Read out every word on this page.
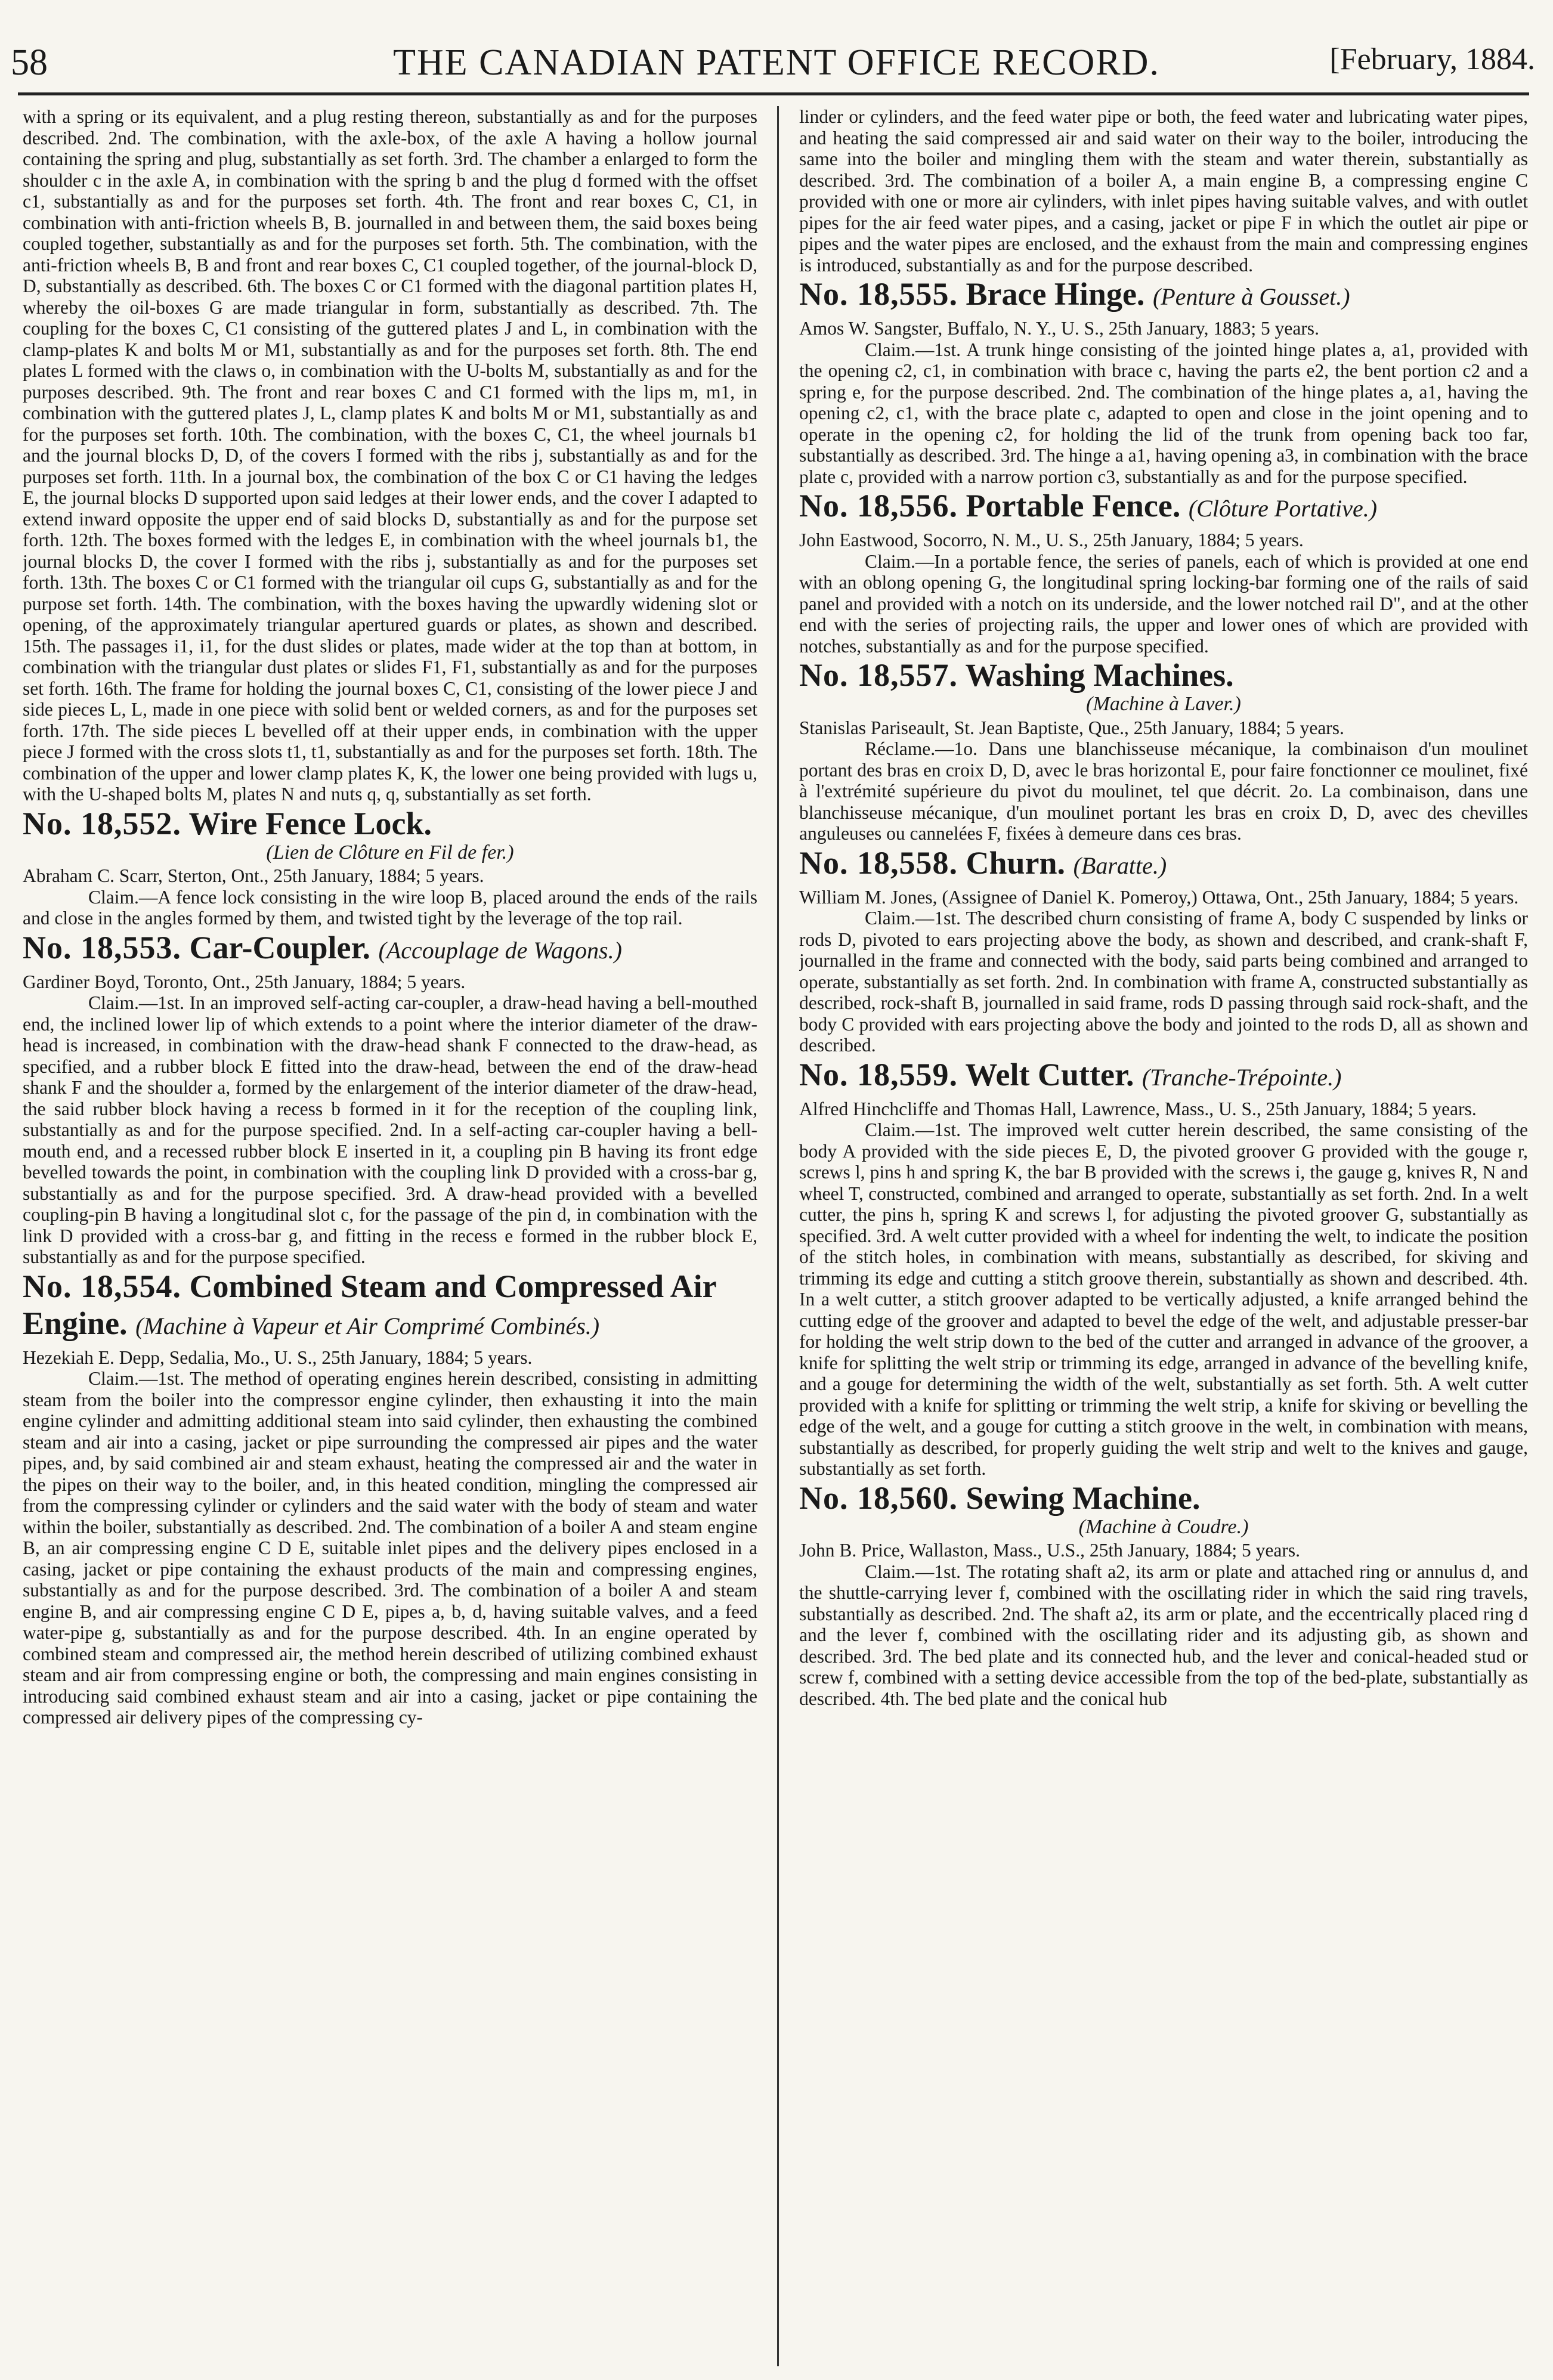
58	THE CANADIAN PATENT OFFICE RECORD.	[February, 1884.

with a spring or its equivalent, and a plug resting thereon, substantially as and for the purposes described. 2nd. The combination, with the axle-box, of the axle A having a hollow journal containing the spring and plug, substantially as set forth. 3rd. The chamber a enlarged to form the shoulder c in the axle A, in combination with the spring b and the plug d formed with the offset c1, substantially as and for the purposes set forth. 4th. The front and rear boxes C, C1, in combination with anti-friction wheels B, B. journalled in and between them, the said boxes being coupled together, substantially as and for the purposes set forth. 5th. The combination, with the anti-friction wheels B, B and front and rear boxes C, C1 coupled together, of the journal-block D, D, substantially as described. 6th. The boxes C or C1 formed with the diagonal partition plates H, whereby the oil-boxes G are made triangular in form, substantially as described. 7th. The coupling for the boxes C, C1 consisting of the guttered plates J and L, in combination with the clamp-plates K and bolts M or M1, substantially as and for the purposes set forth. 8th. The end plates L formed with the claws o, in combination with the U-bolts M, substantially as and for the purposes described. 9th. The front and rear boxes C and C1 formed with the lips m, m1, in combination with the guttered plates J, L, clamp plates K and bolts M or M1, substantially as and for the purposes set forth. 10th. The combination, with the boxes C, C1, the wheel journals b1 and the journal blocks D, D, of the covers I formed with the ribs j, substantially as and for the purposes set forth. 11th. In a journal box, the combination of the box C or C1 having the ledges E, the journal blocks D supported upon said ledges at their lower ends, and the cover I adapted to extend inward opposite the upper end of said blocks D, substantially as and for the purpose set forth. 12th. The boxes formed with the ledges E, in combination with the wheel journals b1, the journal blocks D, the cover I formed with the ribs j, substantially as and for the purposes set forth. 13th. The boxes C or C1 formed with the triangular oil cups G, substantially as and for the purpose set forth. 14th. The combination, with the boxes having the upwardly widening slot or opening, of the approximately triangular apertured guards or plates, as shown and described. 15th. The passages i1, i1, for the dust slides or plates, made wider at the top than at bottom, in combination with the triangular dust plates or slides F1, F1, substantially as and for the purposes set forth. 16th. The frame for holding the journal boxes C, C1, consisting of the lower piece J and side pieces L, L, made in one piece with solid bent or welded corners, as and for the purposes set forth. 17th. The side pieces L bevelled off at their upper ends, in combination with the upper piece J formed with the cross slots t1, t1, substantially as and for the purposes set forth. 18th. The combination of the upper and lower clamp plates K, K, the lower one being provided with lugs u, with the U-shaped bolts M, plates N and nuts q, q, substantially as set forth.

No. 18,552. Wire Fence Lock.

(Lien de Clôture en Fil de fer.)

Abraham C. Scarr, Sterton, Ont., 25th January, 1884; 5 years.

Claim.—A fence lock consisting in the wire loop B, placed around the ends of the rails and close in the angles formed by them, and twisted tight by the leverage of the top rail.

No. 18,553. Car-Coupler. (Accouplage de Wagons.)

Gardiner Boyd, Toronto, Ont., 25th January, 1884; 5 years.

Claim.—1st. In an improved self-acting car-coupler, a draw-head having a bell-mouthed end, the inclined lower lip of which extends to a point where the interior diameter of the draw-head is increased, in combination with the draw-head shank F connected to the draw-head, as specified, and a rubber block E fitted into the draw-head, between the end of the draw-head shank F and the shoulder a, formed by the enlargement of the interior diameter of the draw-head, the said rubber block having a recess b formed in it for the reception of the coupling link, substantially as and for the purpose specified. 2nd. In a self-acting car-coupler having a bell-mouth end, and a recessed rubber block E inserted in it, a coupling pin B having its front edge bevelled towards the point, in combination with the coupling link D provided with a cross-bar g, substantially as and for the purpose specified. 3rd. A draw-head provided with a bevelled coupling-pin B having a longitudinal slot c, for the passage of the pin d, in combination with the link D provided with a cross-bar g, and fitting in the recess e formed in the rubber block E, substantially as and for the purpose specified.

No. 18,554. Combined Steam and Compressed Air Engine. (Machine à Vapeur et Air Comprimé Combinés.)

Hezekiah E. Depp, Sedalia, Mo., U. S., 25th January, 1884; 5 years.

Claim.—1st. The method of operating engines herein described, consisting in admitting steam from the boiler into the compressor engine cylinder, then exhausting it into the main engine cylinder and admitting additional steam into said cylinder, then exhausting the combined steam and air into a casing, jacket or pipe surrounding the compressed air pipes and the water pipes, and, by said combined air and steam exhaust, heating the compressed air and the water in the pipes on their way to the boiler, and, in this heated condition, mingling the compressed air from the compressing cylinder or cylinders and the said water with the body of steam and water within the boiler, substantially as described. 2nd. The combination of a boiler A and steam engine B, an air compressing engine C D E, suitable inlet pipes and the delivery pipes enclosed in a casing, jacket or pipe containing the exhaust products of the main and compressing engines, substantially as and for the purpose described. 3rd. The combination of a boiler A and steam engine B, and air compressing engine C D E, pipes a, b, d, having suitable valves, and a feed water-pipe g, substantially as and for the purpose described. 4th. In an engine operated by combined steam and compressed air, the method herein described of utilizing combined exhaust steam and air from compressing engine or both, the compressing and main engines consisting in introducing said combined exhaust steam and air into a casing, jacket or pipe containing the compressed air delivery pipes of the compressing cy-

linder or cylinders, and the feed water pipe or both, the feed water and lubricating water pipes, and heating the said compressed air and said water on their way to the boiler, introducing the same into the boiler and mingling them with the steam and water therein, substantially as described. 3rd. The combination of a boiler A, a main engine B, a compressing engine C provided with one or more air cylinders, with inlet pipes having suitable valves, and with outlet pipes for the air feed water pipes, and a casing, jacket or pipe F in which the outlet air pipe or pipes and the water pipes are enclosed, and the exhaust from the main and compressing engines is introduced, substantially as and for the purpose described.

No. 18,555. Brace Hinge. (Penture à Gousset.)

Amos W. Sangster, Buffalo, N. Y., U. S., 25th January, 1883; 5 years.

Claim.—1st. A trunk hinge consisting of the jointed hinge plates a, a1, provided with the opening c2, c1, in combination with brace c, having the parts e2, the bent portion c2 and a spring e, for the purpose described. 2nd. The combination of the hinge plates a, a1, having the opening c2, c1, with the brace plate c, adapted to open and close in the joint opening and to operate in the opening c2, for holding the lid of the trunk from opening back too far, substantially as described. 3rd. The hinge a a1, having opening a3, in combination with the brace plate c, provided with a narrow portion c3, substantially as and for the purpose specified.

No. 18,556. Portable Fence. (Clôture Portative.)

John Eastwood, Socorro, N. M., U. S., 25th January, 1884; 5 years.

Claim.—In a portable fence, the series of panels, each of which is provided at one end with an oblong opening G, the longitudinal spring locking-bar forming one of the rails of said panel and provided with a notch on its underside, and the lower notched rail D", and at the other end with the series of projecting rails, the upper and lower ones of which are provided with notches, substantially as and for the purpose specified.

No. 18,557. Washing Machines.

(Machine à Laver.)

Stanislas Pariseault, St. Jean Baptiste, Que., 25th January, 1884; 5 years.

Réclame.—1o. Dans une blanchisseuse mécanique, la combinaison d'un moulinet portant des bras en croix D, D, avec le bras horizontal E, pour faire fonctionner ce moulinet, fixé à l'extrémité supérieure du pivot du moulinet, tel que décrit. 2o. La combinaison, dans une blanchisseuse mécanique, d'un moulinet portant les bras en croix D, D, avec des chevilles anguleuses ou cannelées F, fixées à demeure dans ces bras.

No. 18,558. Churn. (Baratte.)

William M. Jones, (Assignee of Daniel K. Pomeroy,) Ottawa, Ont., 25th January, 1884; 5 years.

Claim.—1st. The described churn consisting of frame A, body C suspended by links or rods D, pivoted to ears projecting above the body, as shown and described, and crank-shaft F, journalled in the frame and connected with the body, said parts being combined and arranged to operate, substantially as set forth. 2nd. In combination with frame A, constructed substantially as described, rock-shaft B, journalled in said frame, rods D passing through said rock-shaft, and the body C provided with ears projecting above the body and jointed to the rods D, all as shown and described.

No. 18,559. Welt Cutter. (Tranche-Trépointe.)

Alfred Hinchcliffe and Thomas Hall, Lawrence, Mass., U. S., 25th January, 1884; 5 years.

Claim.—1st. The improved welt cutter herein described, the same consisting of the body A provided with the side pieces E, D, the pivoted groover G provided with the gouge r, screws l, pins h and spring K, the bar B provided with the screws i, the gauge g, knives R, N and wheel T, constructed, combined and arranged to operate, substantially as set forth. 2nd. In a welt cutter, the pins h, spring K and screws l, for adjusting the pivoted groover G, substantially as specified. 3rd. A welt cutter provided with a wheel for indenting the welt, to indicate the position of the stitch holes, in combination with means, substantially as described, for skiving and trimming its edge and cutting a stitch groove therein, substantially as shown and described. 4th. In a welt cutter, a stitch groover adapted to be vertically adjusted, a knife arranged behind the cutting edge of the groover and adapted to bevel the edge of the welt, and adjustable presser-bar for holding the welt strip down to the bed of the cutter and arranged in advance of the groover, a knife for splitting the welt strip or trimming its edge, arranged in advance of the bevelling knife, and a gouge for determining the width of the welt, substantially as set forth. 5th. A welt cutter provided with a knife for splitting or trimming the welt strip, a knife for skiving or bevelling the edge of the welt, and a gouge for cutting a stitch groove in the welt, in combination with means, substantially as described, for properly guiding the welt strip and welt to the knives and gauge, substantially as set forth.

No. 18,560. Sewing Machine.

(Machine à Coudre.)

John B. Price, Wallaston, Mass., U.S., 25th January, 1884; 5 years.

Claim.—1st. The rotating shaft a2, its arm or plate and attached ring or annulus d, and the shuttle-carrying lever f, combined with the oscillating rider in which the said ring travels, substantially as described. 2nd. The shaft a2, its arm or plate, and the eccentrically placed ring d and the lever f, combined with the oscillating rider and its adjusting gib, as shown and described. 3rd. The bed plate and its connected hub, and the lever and conical-headed stud or screw f, combined with a setting device accessible from the top of the bed-plate, substantially as described. 4th. The bed plate and the conical hub
